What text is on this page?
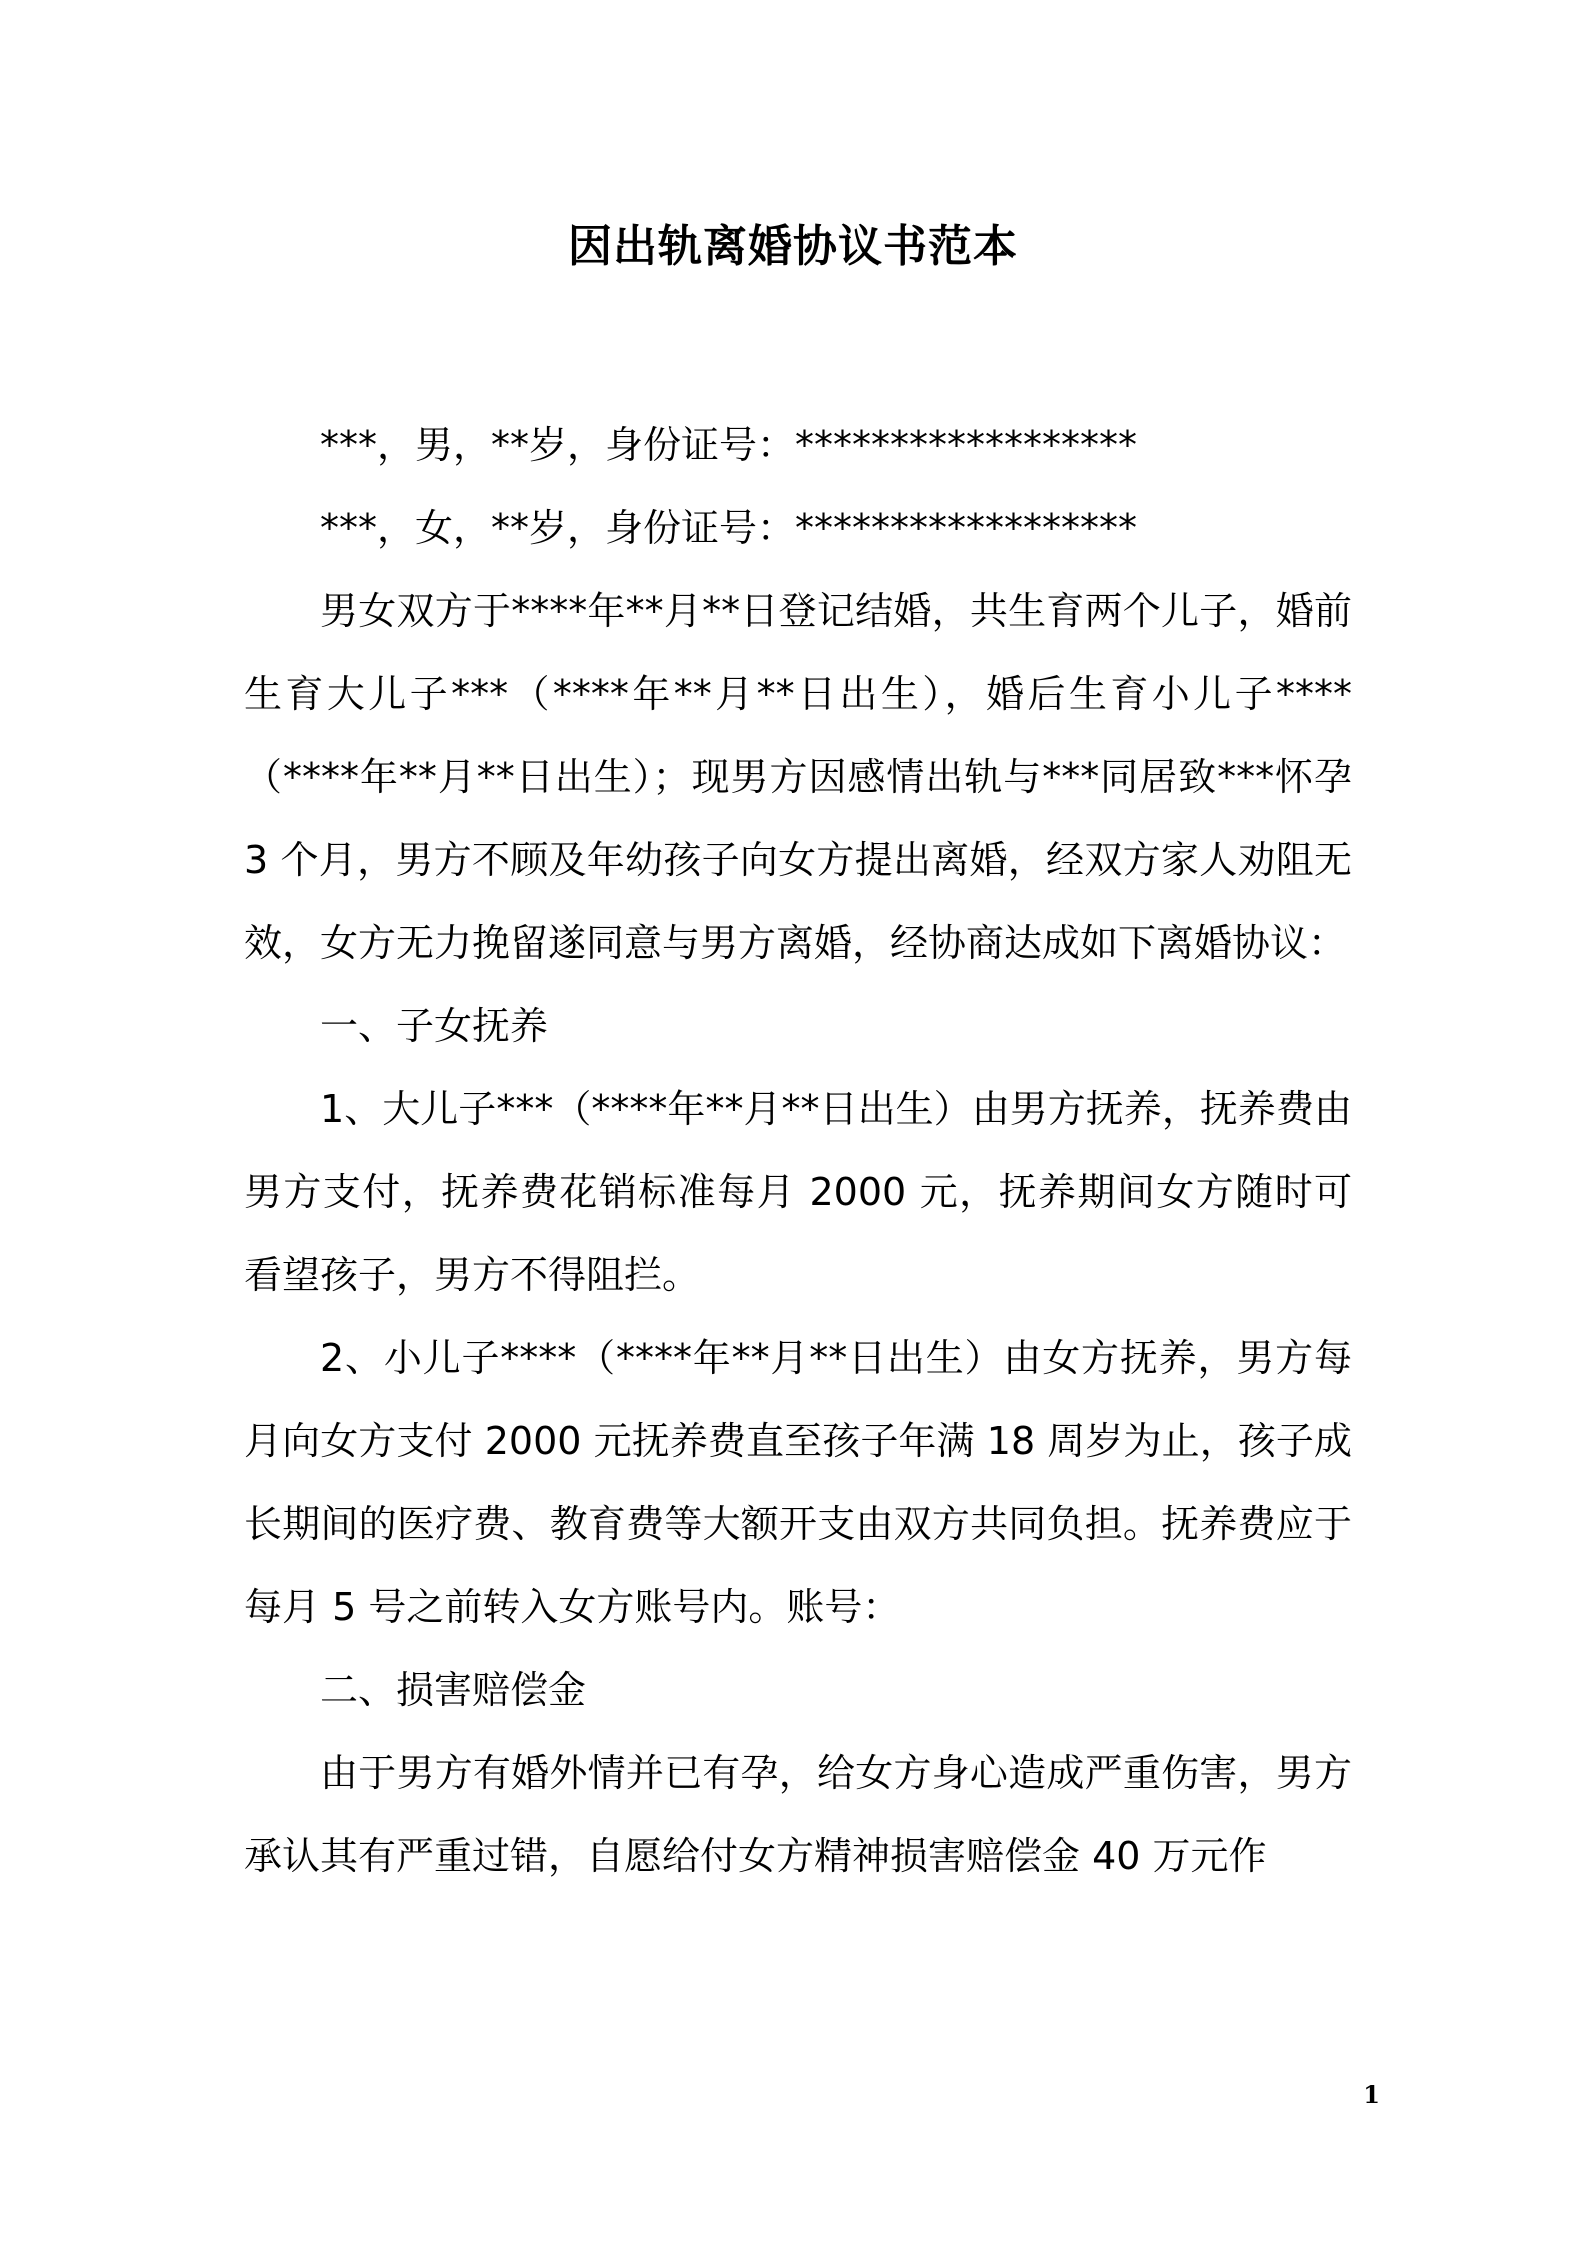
因出轨离婚协议书范本

***，男，**岁，身份证号：******************

***，女，**岁，身份证号：******************

男女双方于****年**月**日登记结婚，共生育两个儿子，婚前生育大儿子***（****年**月**日出生），婚后生育小儿子****（****年**月**日出生）；现男方因感情出轨与***同居致***怀孕 3 个月，男方不顾及年幼孩子向女方提出离婚，经双方家人劝阻无效，女方无力挽留遂同意与男方离婚，经协商达成如下离婚协议：

一、子女抚养

1、大儿子***（****年**月**日出生）由男方抚养，抚养费由男方支付，抚养费花销标准每月 2000 元，抚养期间女方随时可看望孩子，男方不得阻拦。

2、小儿子****（****年**月**日出生）由女方抚养，男方每月向女方支付 2000 元抚养费直至孩子年满 18 周岁为止，孩子成长期间的医疗费、教育费等大额开支由双方共同负担。抚养费应于每月 5 号之前转入女方账号内。账号：

二、损害赔偿金

由于男方有婚外情并已有孕，给女方身心造成严重伤害，男方承认其有严重过错，自愿给付女方精神损害赔偿金 40 万元作

1
